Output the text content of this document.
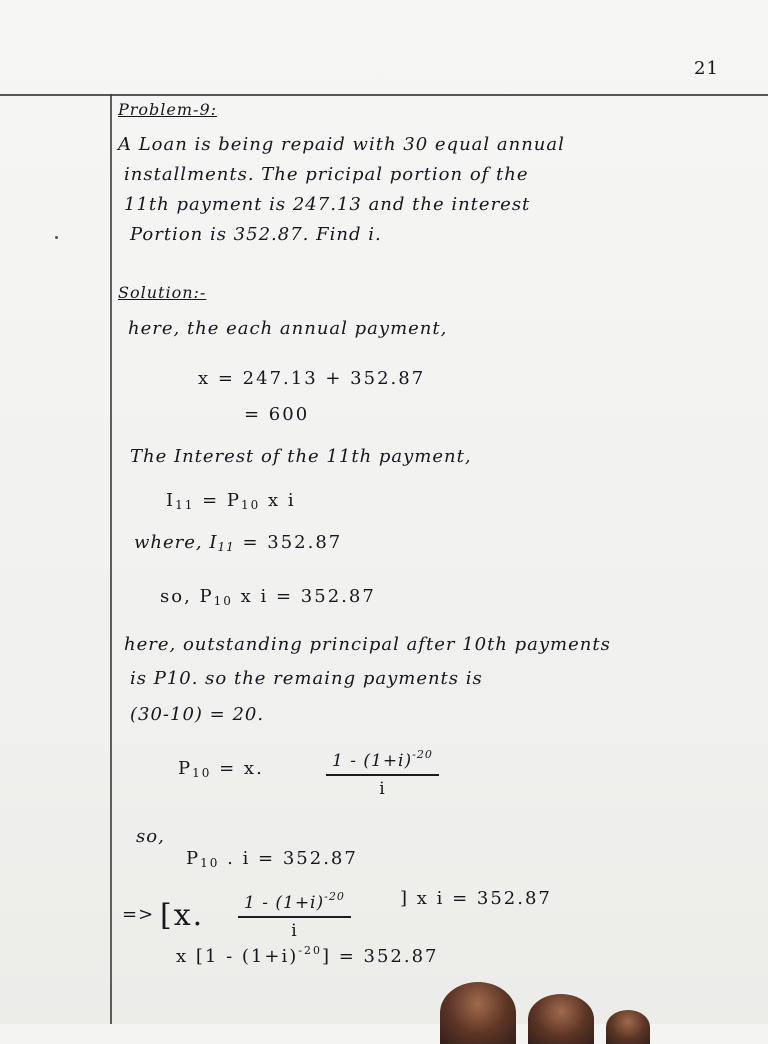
21
Problem-9:
A Loan is being repaid with 30 equal annual
installments. The pricipal portion of the
11th payment is 247.13 and the interest
Portion is 352.87. Find i.
Solution:-
here, the each annual payment,
x = 247.13 + 352.87
= 600
The Interest of the 11th payment,
$I_{11} = P_{10}$ x i
where, $I_{11} = 352.87$
so, $P_{10}$ x i = 352.87
here, outstanding principal after 10th payments
is P10. so the remaing payments is
(30-10) = 20.
$P_{10} = x$.	$1 - (1+i)^{-20}$
i
so,
$P_{10}$ . i = 352.87
=> [x.	$1 - (1+i)^{-20}$
i
] x i = 352.87
x $[1 - (1+i)^{-20}] = 352.87$
